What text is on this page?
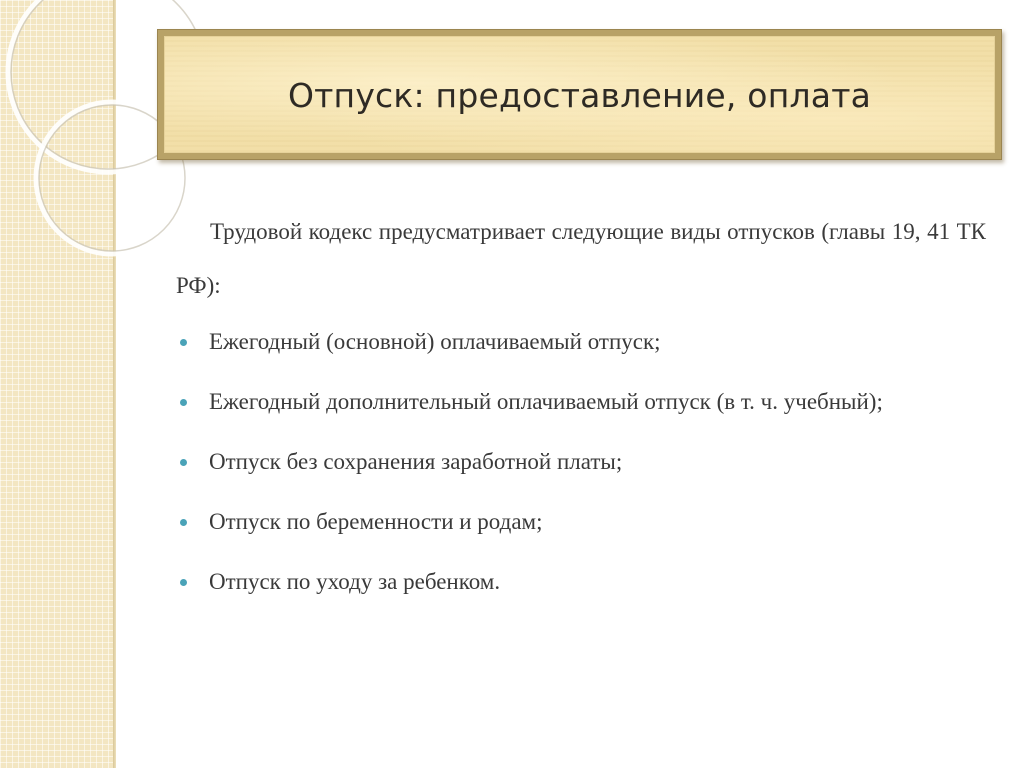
Отпуск: предоставление, оплата

Трудовой кодекс предусматривает следующие виды отпусков (главы 19, 41 ТК РФ):

Ежегодный (основной) оплачиваемый отпуск;
Ежегодный дополнительный оплачиваемый отпуск (в т. ч. учебный);
Отпуск без сохранения заработной платы;
Отпуск по беременности и родам;
Отпуск по уходу за ребенком.
